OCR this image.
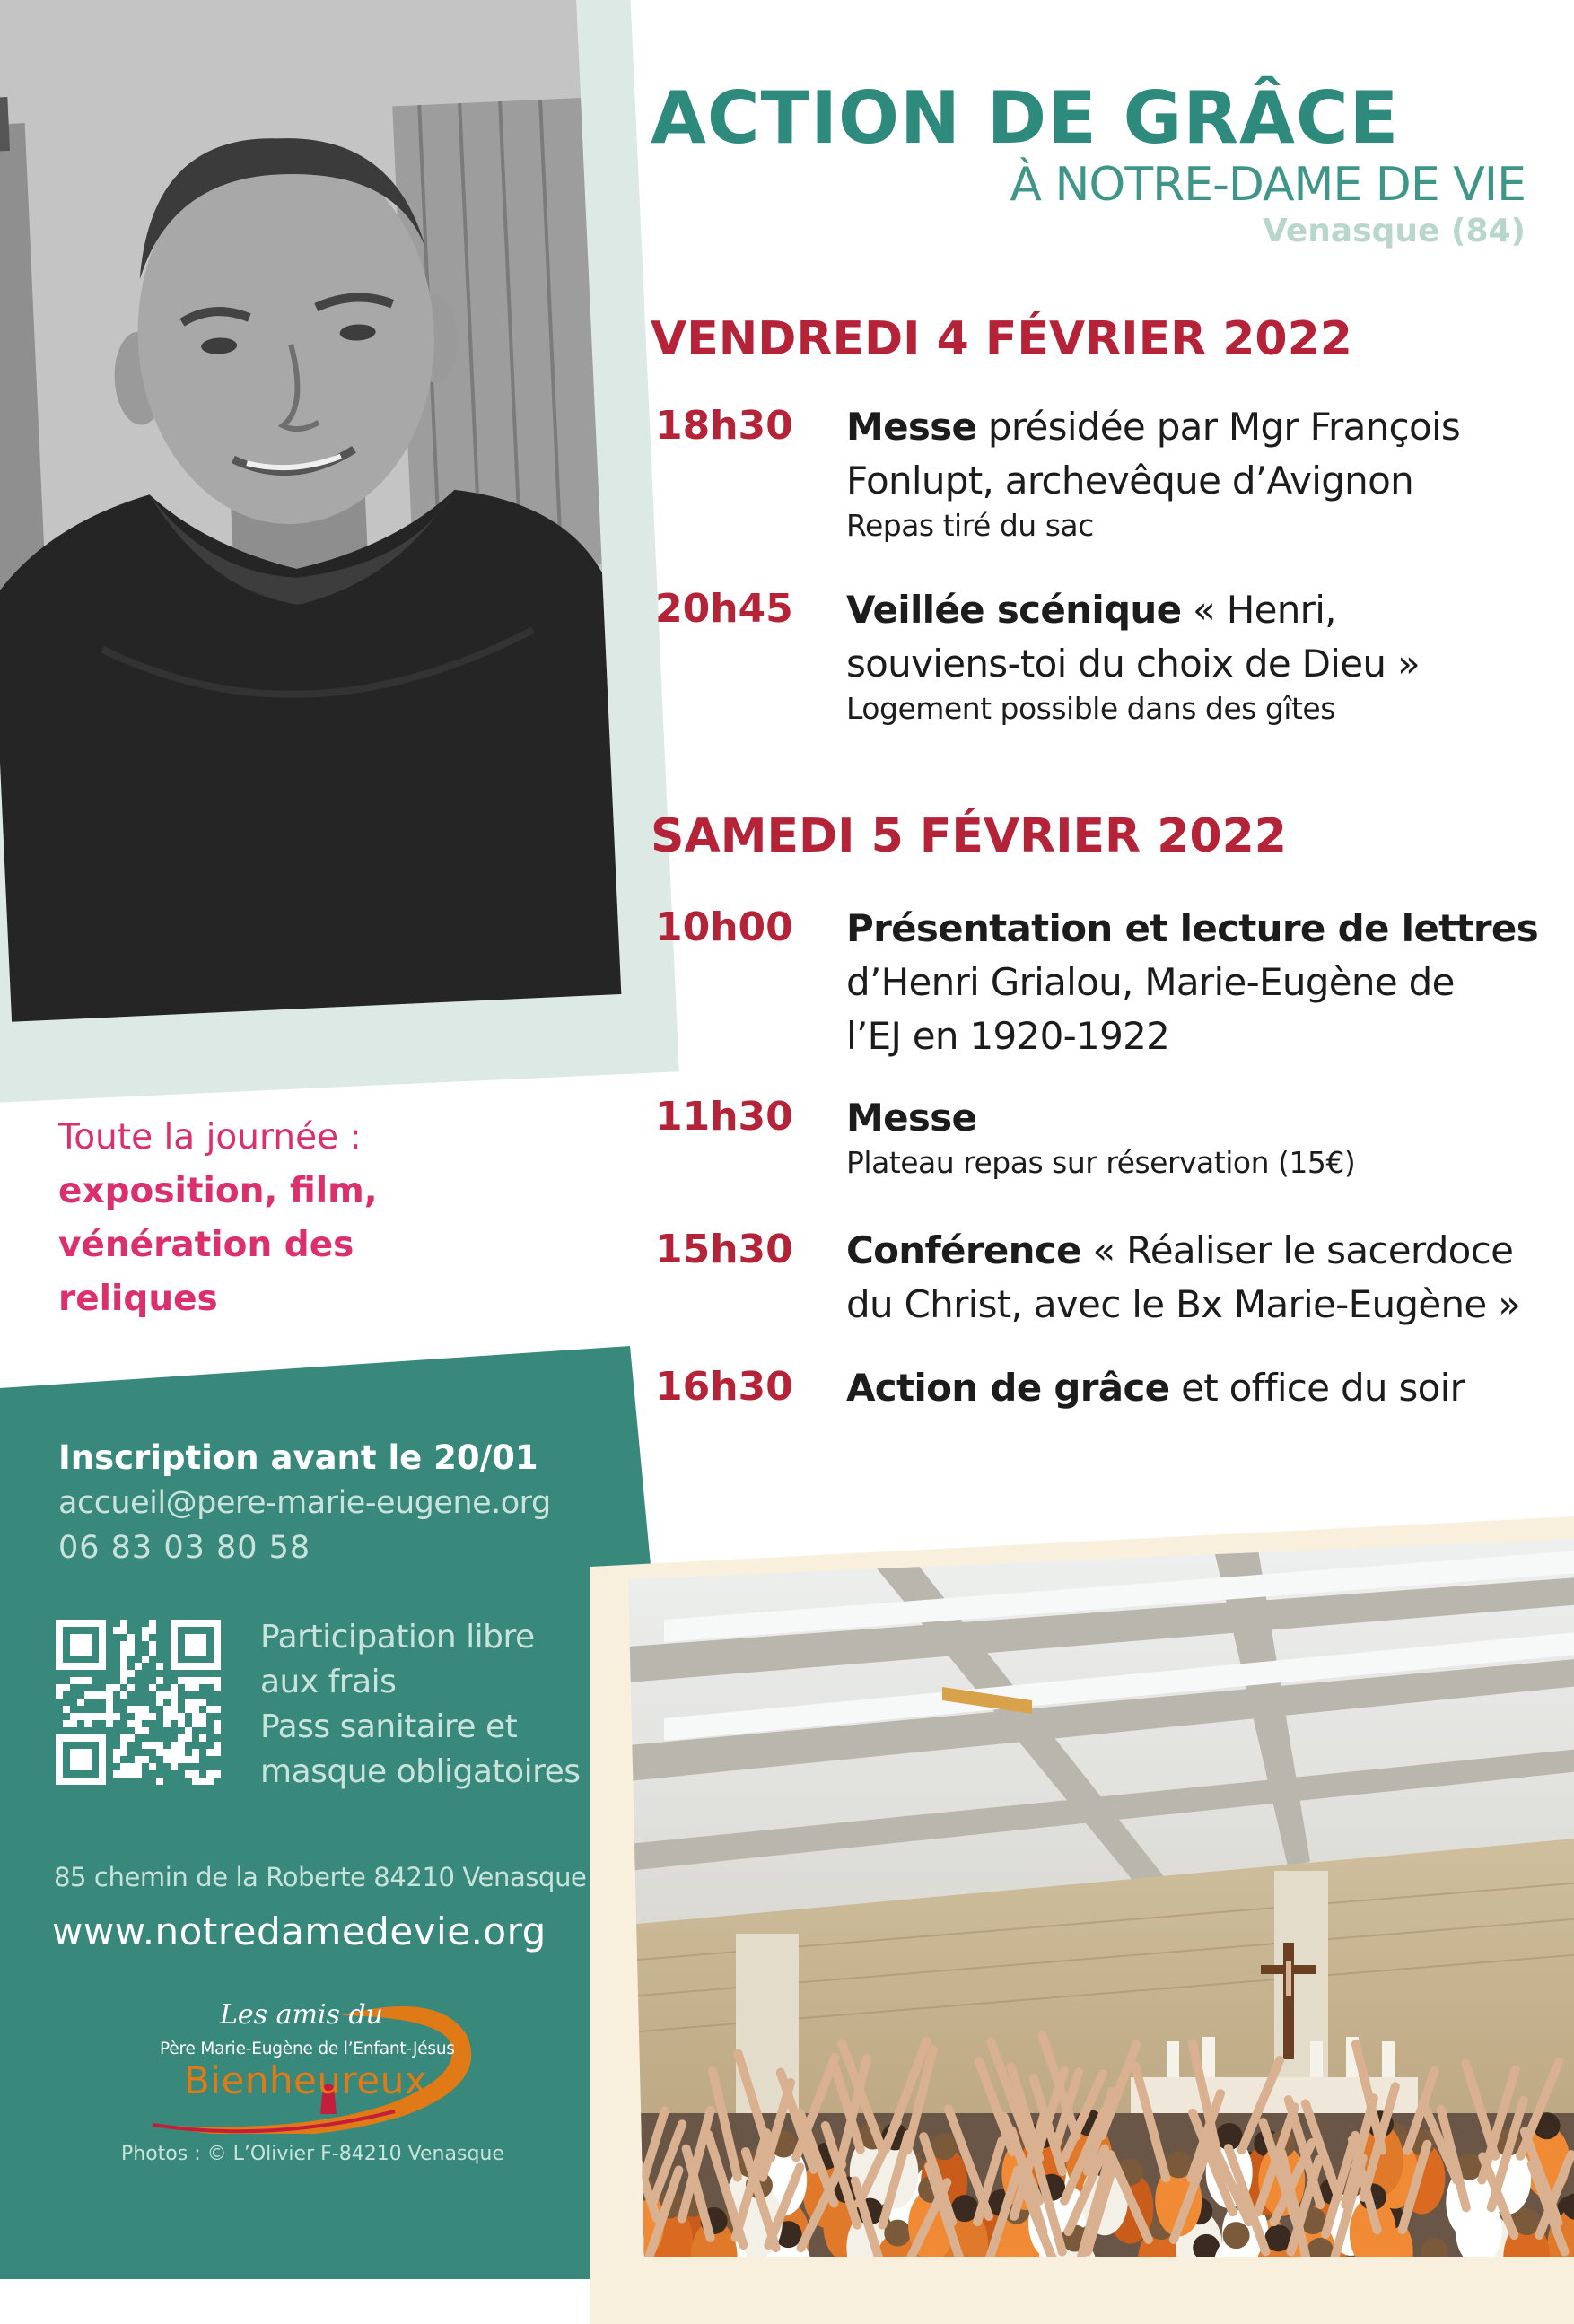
ACTION DE GRÂCE
À NOTRE-DAME DE VIE
Venasque (84)
VENDREDI 4 FÉVRIER 2022
18h30	Messe présidée par Mgr François
Fonlupt, archevêque d’Avignon
Repas tiré du sac
20h45	Veillée scénique « Henri,
souviens-toi du choix de Dieu »
Logement possible dans des gîtes
SAMEDI 5 FÉVRIER 2022
10h00	Présentation et lecture de lettres
d’Henri Grialou, Marie-Eugène de
l’EJ en 1920-1922
11h30	Messe
Plateau repas sur réservation (15€)
15h30	Conférence « Réaliser le sacerdoce
du Christ, avec le Bx Marie-Eugène »
16h30	Action de grâce et office du soir
Toute la journée :
exposition, film,
vénération des
reliques
Inscription avant le 20/01
accueil@pere-marie-eugene.org
06 83 03 80 58
Participation libre
aux frais
Pass sanitaire et
masque obligatoires
85 chemin de la Roberte 84210 Venasque
www.notredamedevie.org
Les amis du
Père Marie-Eugène de l’Enfant-Jésus
Bienheureux
Photos : © L’Olivier F-84210 Venasque
